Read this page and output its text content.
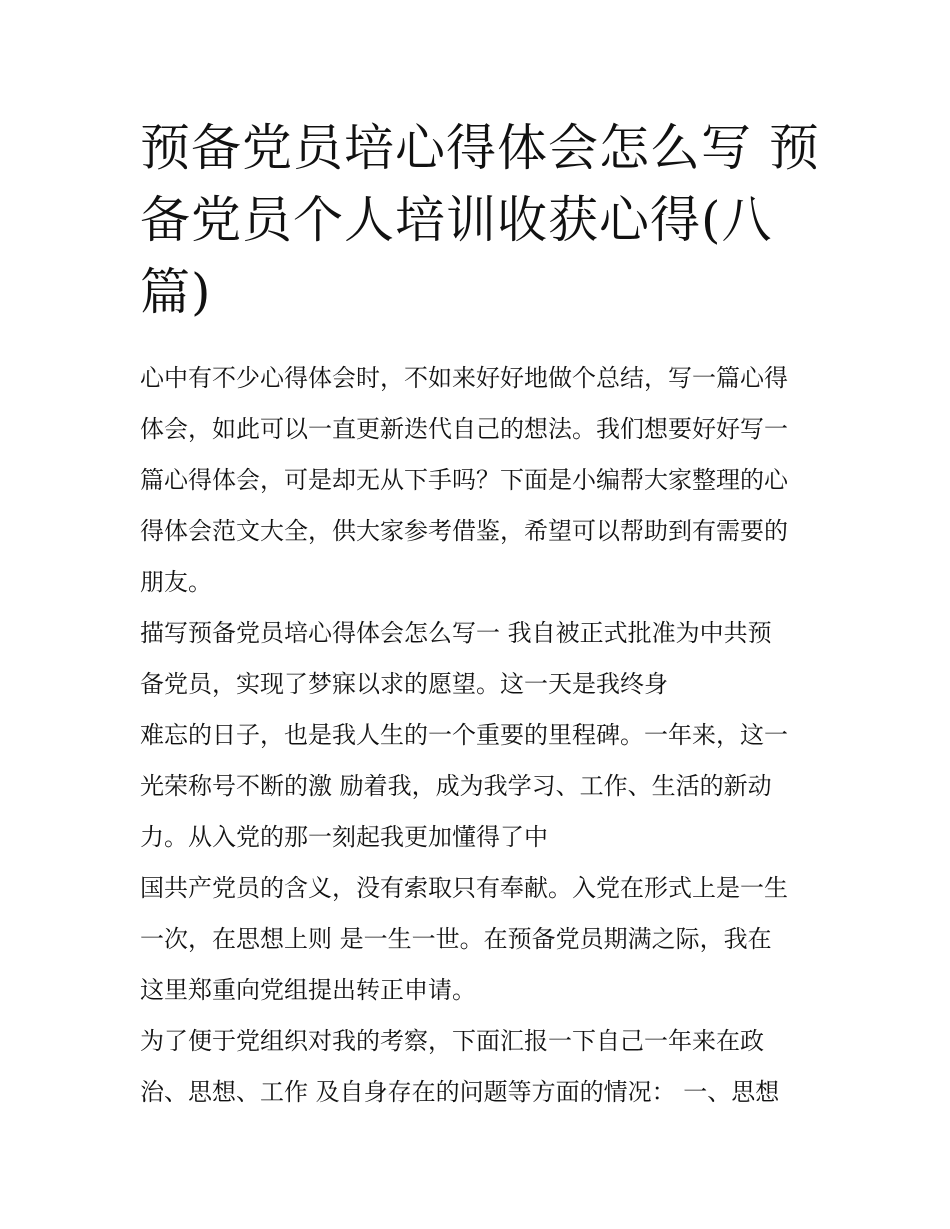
预备党员培心得体会怎么写 预
备党员个人培训收获心得(八
篇)
心中有不少心得体会时，不如来好好地做个总结，写一篇心得
体会，如此可以一直更新迭代自己的想法。我们想要好好写一
篇心得体会，可是却无从下手吗？下面是小编帮大家整理的心
得体会范文大全，供大家参考借鉴，希望可以帮助到有需要的
朋友。
描写预备党员培心得体会怎么写一 我自被正式批准为中共预
备党员，实现了梦寐以求的愿望。这一天是我终身
难忘的日子，也是我人生的一个重要的里程碑。一年来，这一
光荣称号不断的激 励着我，成为我学习、工作、生活的新动
力。从入党的那一刻起我更加懂得了中
国共产党员的含义，没有索取只有奉献。入党在形式上是一生
一次，在思想上则 是一生一世。在预备党员期满之际，我在
这里郑重向党组提出转正申请。
为了便于党组织对我的考察，下面汇报一下自己一年来在政
治、思想、工作 及自身存在的问题等方面的情况： 一、思想
